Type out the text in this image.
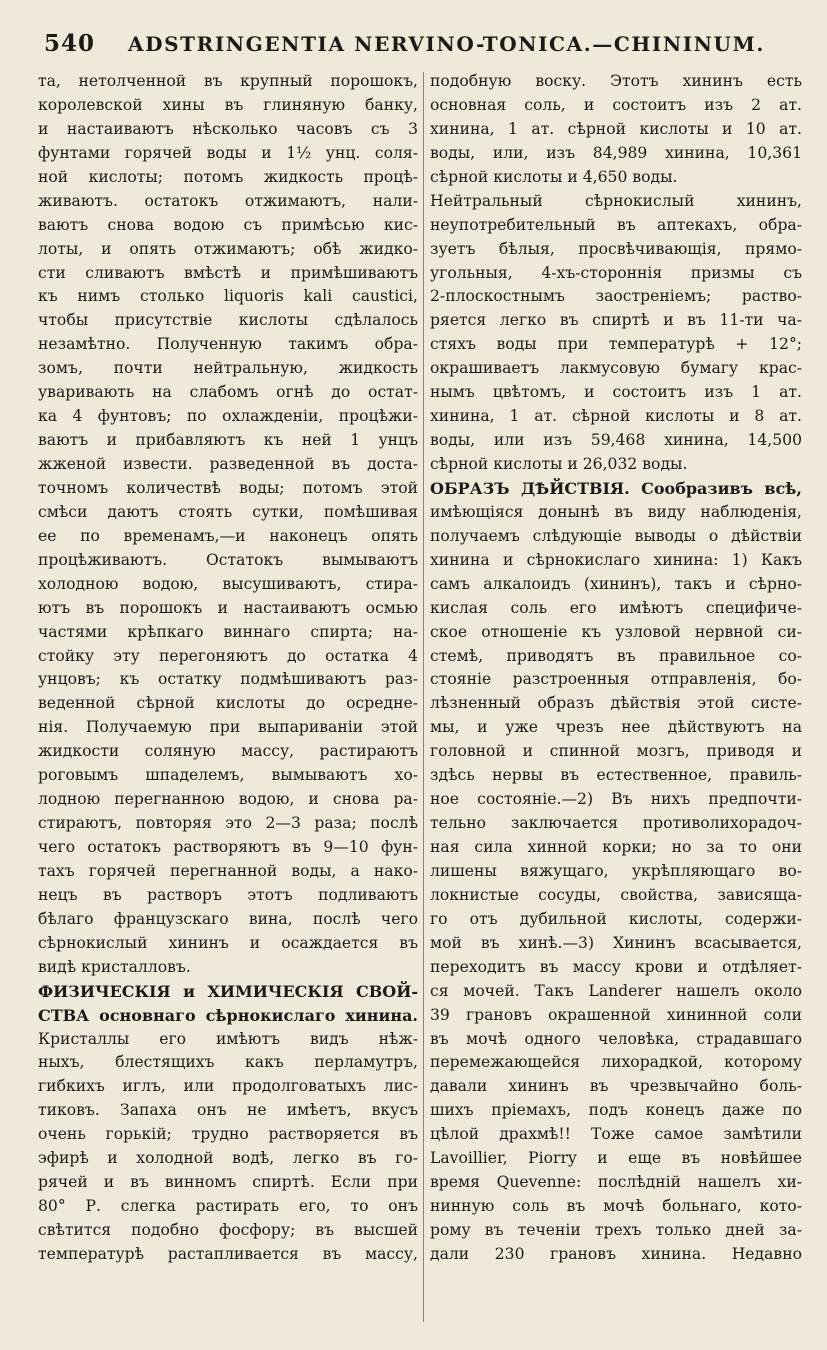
540 ADSTRINGENTIA NERVINO-TONICA.—CHININUM.
та, нетолченной въ крупный порошокъ,
королевской хины въ глиняную банку,
и настаиваютъ нѣсколько часовъ съ 3
фунтами горячей воды и 1½ унц. соля-
ной кислоты; потомъ жидкость процѣ-
живаютъ. остатокъ отжимаютъ, нали-
ваютъ снова водою съ примѣсью кис-
лоты, и опять отжимаютъ; обѣ жидко-
сти сливаютъ вмѣстѣ и примѣшиваютъ
къ нимъ столько liquoris kali caustici,
чтобы присутствіе кислоты сдѣлалось
незамѣтно. Полученную такимъ обра-
зомъ, почти нейтральную, жидкость
уваривають на слабомъ огнѣ до остат-
ка 4 фунтовъ; по охлажденіи, процѣжи-
ваютъ и прибавляютъ къ ней 1 унцъ
жженой извести. разведенной въ доста-
точномъ количествѣ воды; потомъ этой
смѣси даютъ стоять сутки, помѣшивая
ее по временамъ,—и наконецъ опять
процѣживаютъ. Остатокъ вымываютъ
холодною водою, высушиваютъ, стира-
ютъ въ порошокъ и настаиваютъ осмью
частями крѣпкаго виннаго спирта; на-
стойку эту перегоняютъ до остатка 4
унцовъ; къ остатку подмѣшиваютъ раз-
веденной сѣрной кислоты до осредне-
нія. Получаемую при выпариваніи этой
жидкости соляную массу, растираютъ
роговымъ шпаделемъ, вымываютъ хо-
лодною перегнанною водою, и снова ра-
стираютъ, повторяя это 2—3 раза; послѣ
чего остатокъ растворяютъ въ 9—10 фун-
тахъ горячей перегнанной воды, а нако-
нецъ въ растворъ этотъ подливаютъ
бѣлаго французскаго вина, послѣ чего
сѣрнокислый хининъ и осаждается въ
видѣ кристалловъ.
ФИЗИЧЕСКІЯ и ХИМИЧЕСКІЯ СВОЙ-
СТВА основнаго сѣрнокислаго хинина.
Кристаллы его имѣютъ видъ нѣж-
ныхъ, блестящихъ какъ перламутръ,
гибкихъ иглъ, или продолговатыхъ лис-
тиковъ. Запаха онъ не имѣетъ, вкусъ
очень горькій; трудно растворяется въ
эфирѣ и холодной водѣ, легко въ го-
рячей и въ винномъ спиртѣ. Если при
80° Р. слегка растирать его, то онъ
свѣтится подобно фосфору; въ высшей
температурѣ растапливается въ массу,
подобную воску. Этотъ хининъ есть
основная соль, и состоитъ изъ 2 ат.
хинина, 1 ат. сѣрной кислоты и 10 ат.
воды, или, изъ 84,989 хинина, 10,361
сѣрной кислоты и 4,650 воды.
Нейтральный сѣрнокислый хининъ,
неупотребительный въ аптекахъ, обра-
зуетъ бѣлыя, просвѣчивающія, прямо-
угольныя, 4-хъ-стороннія призмы съ
2-плоскостнымъ заостреніемъ; раство-
ряется легко въ спиртѣ и въ 11-ти ча-
стяхъ воды при температурѣ + 12°;
окрашиваетъ лакмусовую бумагу крас-
нымъ цвѣтомъ, и состоитъ изъ 1 ат.
хинина, 1 ат. сѣрной кислоты и 8 ат.
воды, или изъ 59,468 хинина, 14,500
сѣрной кислоты и 26,032 воды.
ОБРАЗЪ ДѢЙСТВІЯ. Сообразивъ всѣ,
имѣющіяся донынѣ въ виду наблюденія,
получаемъ слѣдующіе выводы о дѣйствіи
хинина и сѣрнокислаго хинина: 1) Какъ
самъ алкалоидъ (хининъ), такъ и сѣрно-
кислая соль его имѣютъ специфиче-
ское отношеніе къ узловой нервной си-
стемѣ, приводятъ въ правильное со-
стояніе разстроенныя отправленія, бо-
лѣзненный образъ дѣйствія этой систе-
мы, и уже чрезъ нее дѣйствуютъ на
головной и спинной мозгъ, приводя и
здѣсь нервы въ естественное, правиль-
ное состояніе.—2) Въ нихъ предпочти-
тельно заключается противолихорадоч-
ная сила хинной корки; но за то они
лишены вяжущаго, укрѣпляющаго во-
локнистые сосуды, свойства, зависяща-
го отъ дубильной кислоты, содержи-
мой въ хинѣ.—3) Хининъ всасывается,
переходитъ въ массу крови и отдѣляет-
ся мочей. Такъ Landerer нашелъ около
39 грановъ окрашенной хининной соли
въ мочѣ одного человѣка, страдавшаго
перемежающейся лихорадкой, которому
давали хининъ въ чрезвычайно боль-
шихъ пріемахъ, подъ конецъ даже по
цѣлой драхмѣ!! Тоже самое замѣтили
Lavoillier, Piorry и еще въ новѣйшее
время Quevenne: послѣдній нашелъ хи-
нинную соль въ мочѣ больнаго, кото-
рому въ теченіи трехъ только дней за-
дали 230 грановъ хинина. Недавно
